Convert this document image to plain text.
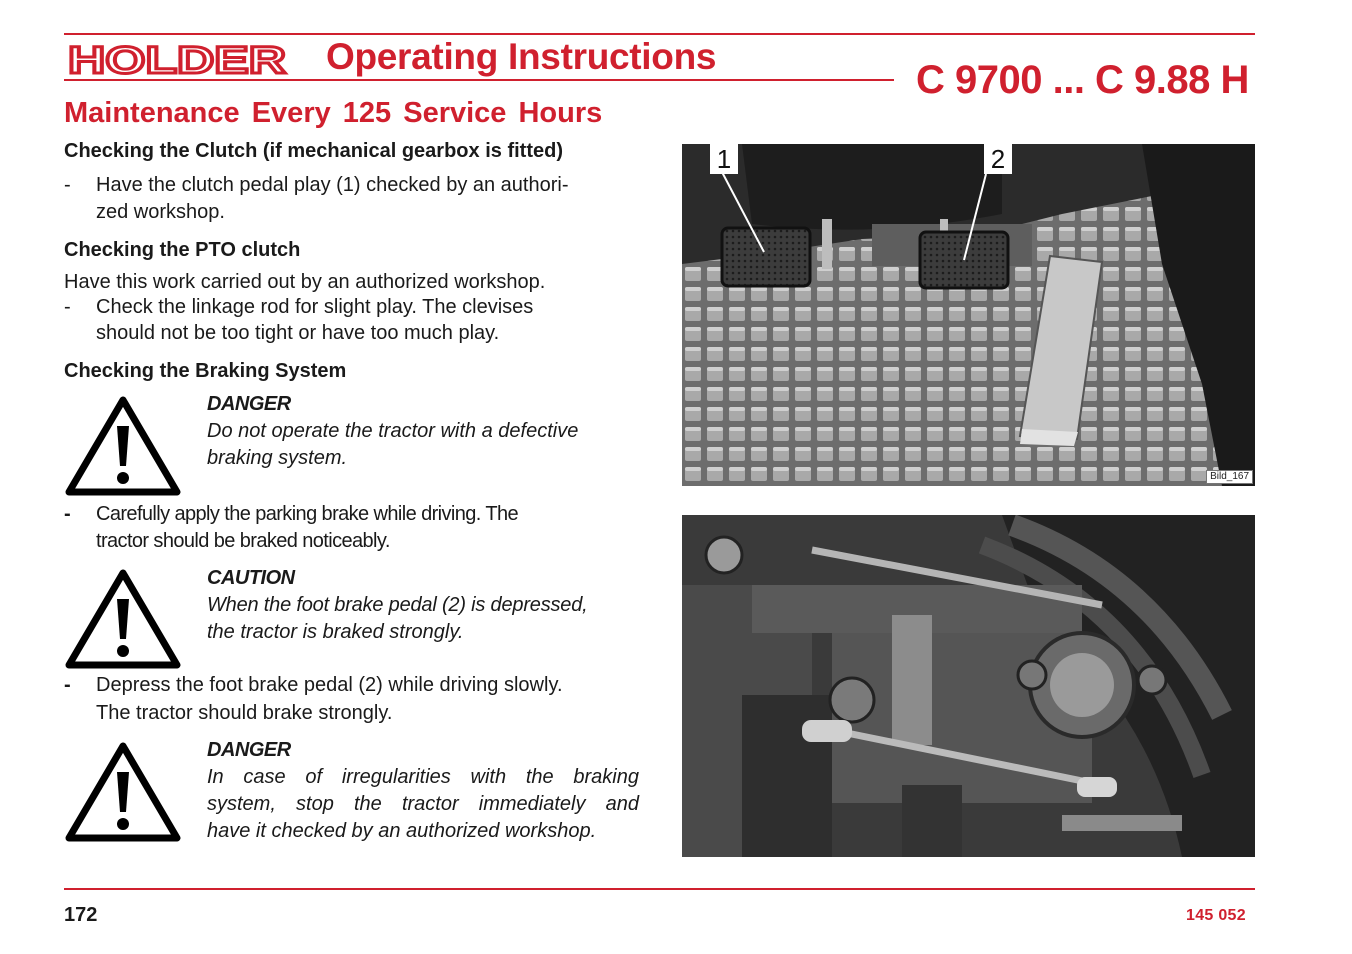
HOLDER Operating Instructions
C 9700 ... C 9.88 H
Maintenance Every 125 Service Hours
Checking the Clutch (if mechanical gearbox is fitted)
- Have the clutch pedal play (1) checked by an authori-
zed workshop.
Checking the PTO clutch
Have this work carried out by an authorized workshop.
- Check the linkage rod for slight play. The clevises
should not be too tight or have too much play.
Checking the Braking System
DANGER
Do not operate the tractor with a defective
braking system.
- Carefully apply the parking brake while driving. The
tractor should be braked noticeably.
CAUTION
When the foot brake pedal (2) is depressed,
the tractor is braked strongly.
- Depress the foot brake pedal (2) while driving slowly.
The tractor should brake strongly.
DANGER
In case of irregularities with the braking
system, stop the tractor immediately and
have it checked by an authorized workshop.
1	2
Bild_167
172	145 052
